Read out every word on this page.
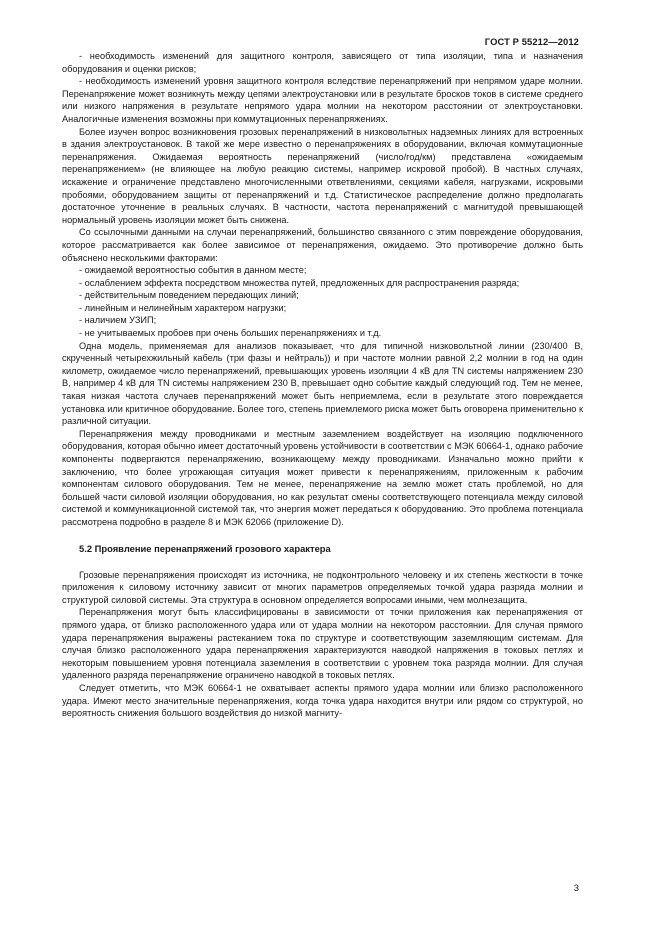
ГОСТ Р 55212—2012

- необходимость изменений для защитного контроля, зависящего от типа изоляции, типа и назначения оборудования и оценки рисков;

- необходимость изменений уровня защитного контроля вследствие перенапряжений при непрямом ударе молнии. Перенапряжение может возникнуть между цепями электроустановки или в результате бросков токов в системе среднего или низкого напряжения в результате непрямого удара молнии на некотором расстоянии от электроустановки. Аналогичные изменения возможны при коммутационных перенапряжениях.

Более изучен вопрос возникновения грозовых перенапряжений в низковольтных надземных линиях для встроенных в здания электроустановок. В такой же мере известно о перенапряжениях в оборудовании, включая коммутационные перенапряжения. Ожидаемая вероятность перенапряжений (число/год/км) представлена «ожидаемым перенапряжением» (не влияющее на любую реакцию системы, например искровой пробой). В частных случаях, искажение и ограничение представлено многочисленными ответвлениями, секциями кабеля, нагрузками, искровыми пробоями, оборудованием защиты от перенапряжений и т.д. Статистическое распределение должно предполагать достаточное уточнение в реальных случаях. В частности, частота перенапряжений с магнитудой превышающей нормальный уровень изоляции может быть снижена.

Со ссылочными данными на случаи перенапряжений, большинство связанного с этим повреждение оборудования, которое рассматривается как более зависимое от перенапряжения, ожидаемо. Это противоречие должно быть объяснено несколькими факторами:

- ожидаемой вероятностью события в данном месте;

- ослаблением эффекта посредством множества путей, предложенных для распространения разряда;

- действительным поведением передающих линий;

- линейным и нелинейным характером нагрузки;

- наличием УЗИП;

- не учитываемых пробоев при очень больших перенапряжениях и т.д.

Одна модель, применяемая для анализов показывает, что для типичной низковольтной линии (230/400 В, скрученный четырехжильный кабель (три фазы и нейтраль)) и при частоте молнии равной 2,2 молнии в год на один километр, ожидаемое число перенапряжений, превышающих уровень изоляции 4 кВ для TN системы напряжением 230 В, например 4 кВ для TN системы напряжением 230 В, превышает одно событие каждый следующий год. Тем не менее, такая низкая частота случаев перенапряжений может быть неприемлема, если в результате этого повреждается установка или критичное оборудование. Более того, степень приемлемого риска может быть оговорена применительно к различной ситуации.

Перенапряжения между проводниками и местным заземлением воздействует на изоляцию подключенного оборудования, которая обычно имеет достаточный уровень устойчивости в соответствии с МЭК 60664-1, однако рабочие компоненты подвергаются перенапряжению, возникающему между проводниками. Изначально можно прийти к заключению, что более угрожающая ситуация может привести к перенапряжениям, приложенным к рабочим компонентам силового оборудования. Тем не менее, перенапряжение на землю может стать проблемой, но для большей части силовой изоляции оборудования, но как результат смены соответствующего потенциала между силовой системой и коммуникационной системой так, что энергия может передаться к оборудованию. Это проблема потенциала рассмотрена подробно в разделе 8 и МЭК 62066 (приложение D).

5.2 Проявление перенапряжений грозового характера

Грозовые перенапряжения происходят из источника, не подконтрольного человеку и их степень жесткости в точке приложения к силовому источнику зависит от многих параметров определяемых точкой удара разряда молнии и структурой силовой системы. Эта структура в основном определяется вопросами иными, чем молнезащита.

Перенапряжения могут быть классифицированы в зависимости от точки приложения как перенапряжения от прямого удара, от близко расположенного удара или от удара молнии на некотором расстоянии. Для случая прямого удара перенапряжения выражены растеканием тока по структуре и соответствующим заземляющим системам. Для случая близко расположенного удара перенапряжения характеризуются наводкой напряжения в токовых петлях и некоторым повышением уровня потенциала заземления в соответствии с уровнем тока разряда молнии. Для случая удаленного разряда перенапряжение ограничено наводкой в токовых петлях.

Следует отметить, что МЭК 60664-1 не охватывает аспекты прямого удара молнии или близко расположенного удара. Имеют место значительные перенапряжения, когда точка удара находится внутри или рядом со структурой, но вероятность снижения большого воздействия до низкой магниту-

3
